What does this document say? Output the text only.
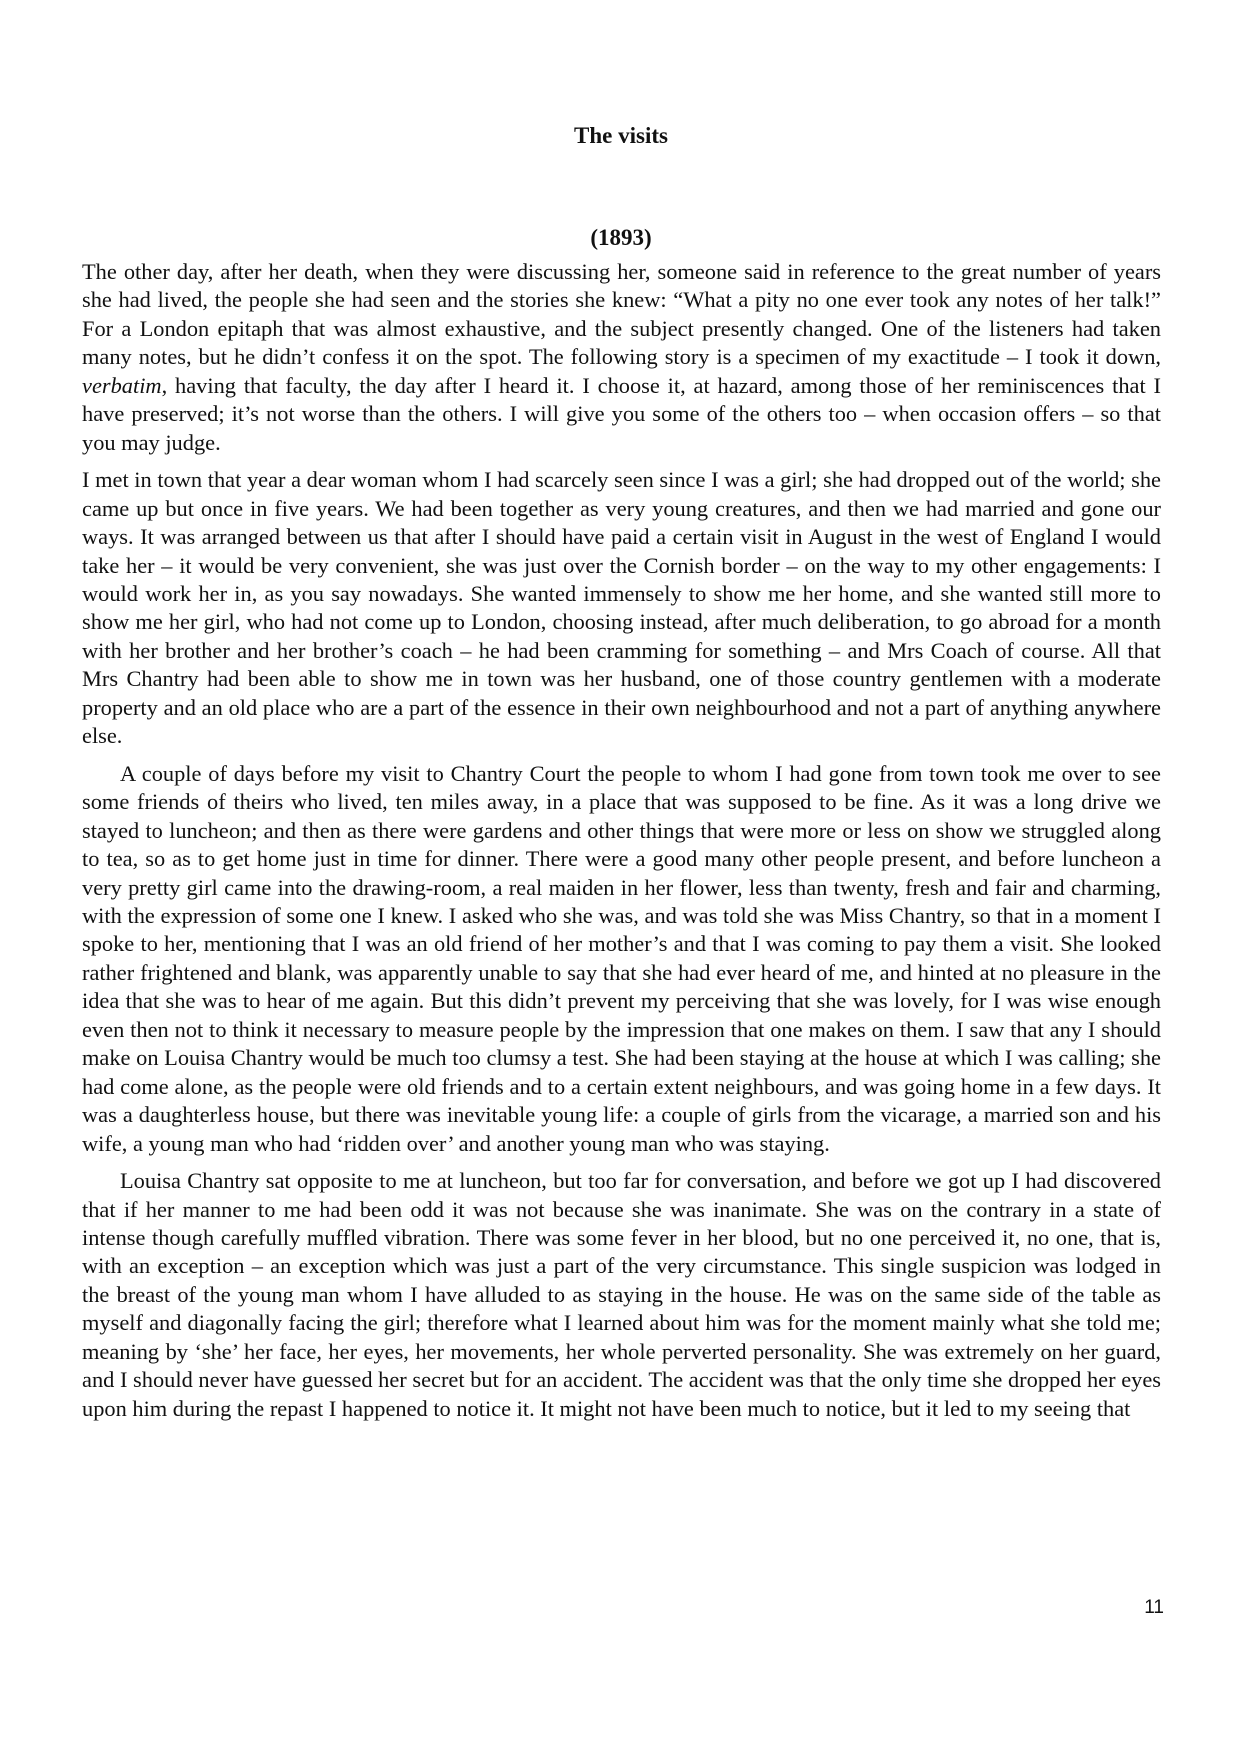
The visits
(1893)

The other day, after her death, when they were discussing her, someone said in reference to the great number of years she had lived, the people she had seen and the stories she knew: “What a pity no one ever took any notes of her talk!” For a London epitaph that was almost exhaustive, and the subject presently changed. One of the listeners had taken many notes, but he didn’t confess it on the spot. The following story is a specimen of my exactitude – I took it down, verbatim, having that faculty, the day after I heard it. I choose it, at hazard, among those of her reminiscences that I have preserved; it’s not worse than the others. I will give you some of the others too – when occasion offers – so that you may judge.

I met in town that year a dear woman whom I had scarcely seen since I was a girl; she had dropped out of the world; she came up but once in five years. We had been together as very young creatures, and then we had married and gone our ways. It was arranged between us that after I should have paid a certain visit in August in the west of England I would take her – it would be very convenient, she was just over the Cornish border – on the way to my other engagements: I would work her in, as you say nowadays. She wanted immensely to show me her home, and she wanted still more to show me her girl, who had not come up to London, choosing instead, after much deliberation, to go abroad for a month with her brother and her brother’s coach – he had been cramming for something – and Mrs Coach of course. All that Mrs Chantry had been able to show me in town was her husband, one of those country gentlemen with a moderate property and an old place who are a part of the essence in their own neighbourhood and not a part of anything anywhere else.

A couple of days before my visit to Chantry Court the people to whom I had gone from town took me over to see some friends of theirs who lived, ten miles away, in a place that was supposed to be fine. As it was a long drive we stayed to luncheon; and then as there were gardens and other things that were more or less on show we struggled along to tea, so as to get home just in time for dinner. There were a good many other people present, and before luncheon a very pretty girl came into the drawing-room, a real maiden in her flower, less than twenty, fresh and fair and charming, with the expression of some one I knew. I asked who she was, and was told she was Miss Chantry, so that in a moment I spoke to her, mentioning that I was an old friend of her mother’s and that I was coming to pay them a visit. She looked rather frightened and blank, was apparently unable to say that she had ever heard of me, and hinted at no pleasure in the idea that she was to hear of me again. But this didn’t prevent my perceiving that she was lovely, for I was wise enough even then not to think it necessary to measure people by the impression that one makes on them. I saw that any I should make on Louisa Chantry would be much too clumsy a test. She had been staying at the house at which I was calling; she had come alone, as the people were old friends and to a certain extent neighbours, and was going home in a few days. It was a daughterless house, but there was inevitable young life: a couple of girls from the vicarage, a married son and his wife, a young man who had ‘ridden over’ and another young man who was staying.

Louisa Chantry sat opposite to me at luncheon, but too far for conversation, and before we got up I had discovered that if her manner to me had been odd it was not because she was inanimate. She was on the contrary in a state of intense though carefully muffled vibration. There was some fever in her blood, but no one perceived it, no one, that is, with an exception – an exception which was just a part of the very circumstance. This single suspicion was lodged in the breast of the young man whom I have alluded to as staying in the house. He was on the same side of the table as myself and diagonally facing the girl; therefore what I learned about him was for the moment mainly what she told me; meaning by ‘she’ her face, her eyes, her movements, her whole perverted personality. She was extremely on her guard, and I should never have guessed her secret but for an accident. The accident was that the only time she dropped her eyes upon him during the repast I happened to notice it. It might not have been much to notice, but it led to my seeing that

11
